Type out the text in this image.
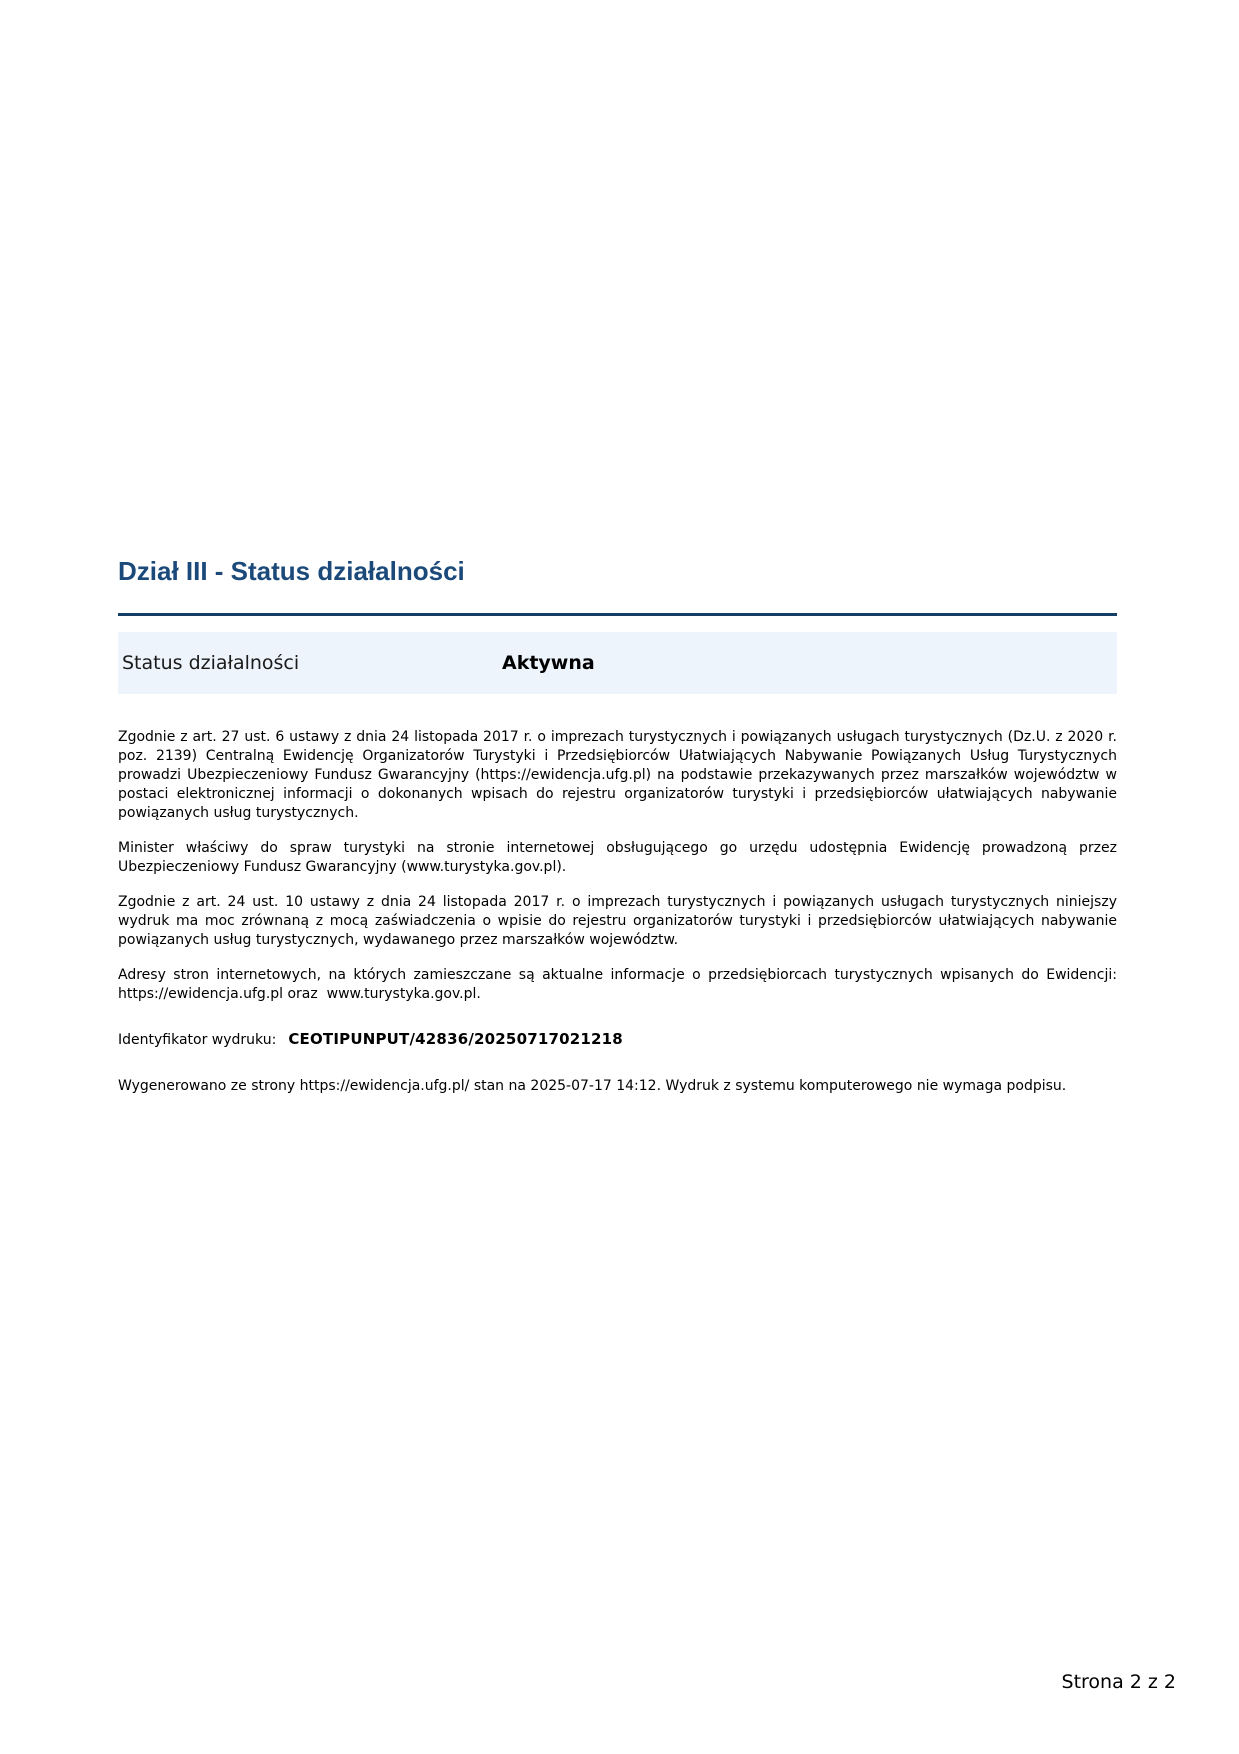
Dział III - Status działalności
Status działalności	Aktywna

Zgodnie z art. 27 ust. 6 ustawy z dnia 24 listopada 2017 r. o imprezach turystycznych i powiązanych usługach turystycznych (Dz.U. z 2020 r. poz. 2139) Centralną Ewidencję Organizatorów Turystyki i Przedsiębiorców Ułatwiających Nabywanie Powiązanych Usług Turystycznych prowadzi Ubezpieczeniowy Fundusz Gwarancyjny (https://ewidencja.ufg.pl) na podstawie przekazywanych przez marszałków województw w postaci elektronicznej informacji o dokonanych wpisach do rejestru organizatorów turystyki i przedsiębiorców ułatwiających nabywanie powiązanych usług turystycznych.

Minister właściwy do spraw turystyki na stronie internetowej obsługującego go urzędu udostępnia Ewidencję prowadzoną przez Ubezpieczeniowy Fundusz Gwarancyjny (www.turystyka.gov.pl).

Zgodnie z art. 24 ust. 10 ustawy z dnia 24 listopada 2017 r. o imprezach turystycznych i powiązanych usługach turystycznych niniejszy wydruk ma moc zrównaną z mocą zaświadczenia o wpisie do rejestru organizatorów turystyki i przedsiębiorców ułatwiających nabywanie powiązanych usług turystycznych, wydawanego przez marszałków województw.

Adresy stron internetowych, na których zamieszczane są aktualne informacje o przedsiębiorcach turystycznych wpisanych do Ewidencji: https://ewidencja.ufg.pl oraz  www.turystyka.gov.pl.

Identyfikator wydruku: CEOTIPUNPUT/42836/20250717021218

Wygenerowano ze strony https://ewidencja.ufg.pl/ stan na 2025-07-17 14:12. Wydruk z systemu komputerowego nie wymaga podpisu.

Strona 2 z 2
